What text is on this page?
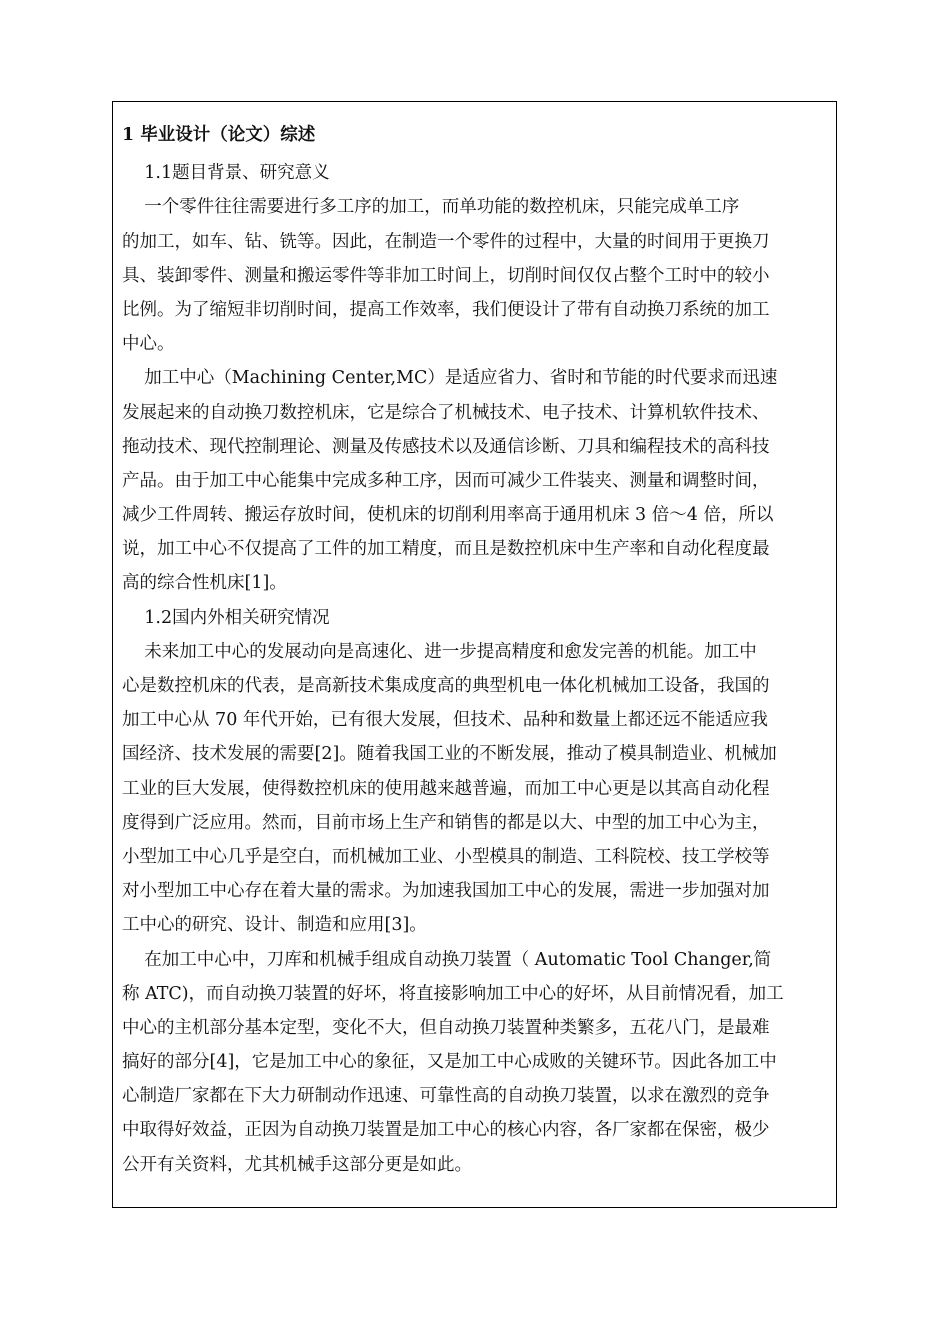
1 毕业设计（论文）综述
1.1题目背景、研究意义
一个零件往往需要进行多工序的加工，而单功能的数控机床，只能完成单工序
的加工，如车、钻、铣等。因此，在制造一个零件的过程中，大量的时间用于更换刀
具、装卸零件、测量和搬运零件等非加工时间上，切削时间仅仅占整个工时中的较小
比例。为了缩短非切削时间，提高工作效率，我们便设计了带有自动换刀系统的加工
中心。
加工中心（Machining Center,MC）是适应省力、省时和节能的时代要求而迅速
发展起来的自动换刀数控机床，它是综合了机械技术、电子技术、计算机软件技术、
拖动技术、现代控制理论、测量及传感技术以及通信诊断、刀具和编程技术的高科技
产品。由于加工中心能集中完成多种工序，因而可减少工件装夹、测量和调整时间，
减少工件周转、搬运存放时间，使机床的切削利用率高于通用机床 3 倍～4 倍，所以
说，加工中心不仅提高了工件的加工精度，而且是数控机床中生产率和自动化程度最
高的综合性机床[1]。
1.2国内外相关研究情况
未来加工中心的发展动向是高速化、进一步提高精度和愈发完善的机能。加工中
心是数控机床的代表，是高新技术集成度高的典型机电一体化机械加工设备，我国的
加工中心从 70 年代开始，已有很大发展，但技术、品种和数量上都还远不能适应我
国经济、技术发展的需要[2]。随着我国工业的不断发展，推动了模具制造业、机械加
工业的巨大发展，使得数控机床的使用越来越普遍，而加工中心更是以其高自动化程
度得到广泛应用。然而，目前市场上生产和销售的都是以大、中型的加工中心为主，
小型加工中心几乎是空白，而机械加工业、小型模具的制造、工科院校、技工学校等
对小型加工中心存在着大量的需求。为加速我国加工中心的发展，需进一步加强对加
工中心的研究、设计、制造和应用[3]。
在加工中心中，刀库和机械手组成自动换刀装置（ Automatic Tool Changer,简
称 ATC)，而自动换刀装置的好坏，将直接影响加工中心的好坏，从目前情况看，加工
中心的主机部分基本定型，变化不大，但自动换刀装置种类繁多，五花八门，是最难
搞好的部分[4]，它是加工中心的象征，又是加工中心成败的关键环节。因此各加工中
心制造厂家都在下大力研制动作迅速、可靠性高的自动换刀装置，以求在激烈的竞争
中取得好效益，正因为自动换刀装置是加工中心的核心内容，各厂家都在保密，极少
公开有关资料，尤其机械手这部分更是如此。
